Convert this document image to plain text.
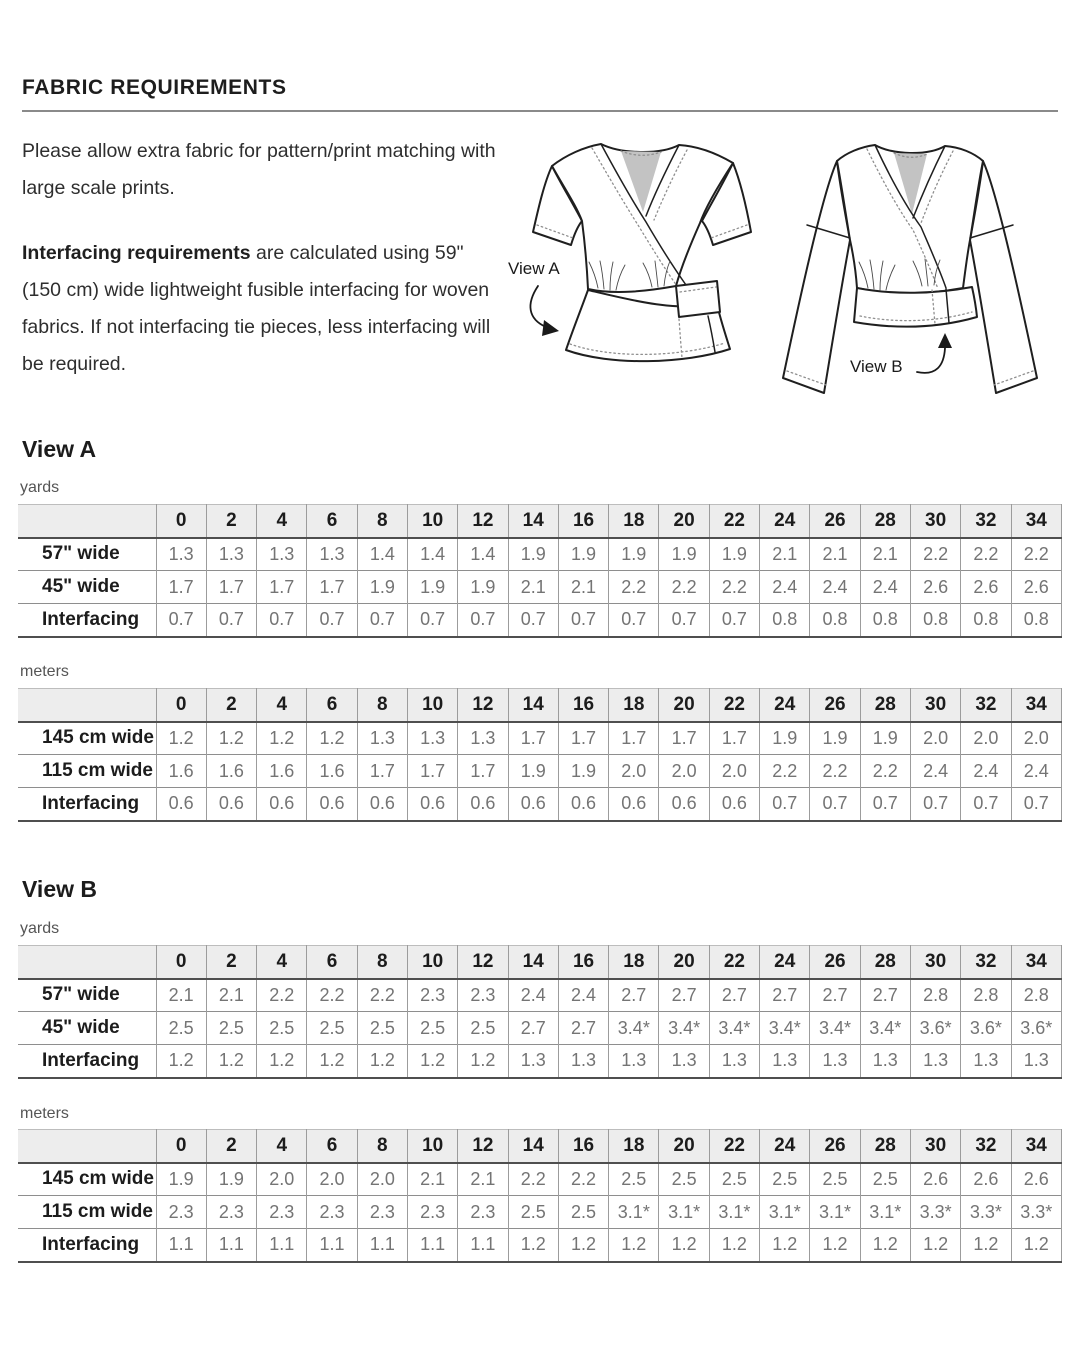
FABRIC REQUIREMENTS

Please allow extra fabric for pattern/print matching with large scale prints.

Interfacing requirements are calculated using 59" (150 cm) wide lightweight fusible interfacing for woven fabrics. If not interfacing tie pieces, less interfacing will be required.

View A
View B
View A
yards
	0	2	4	6	8	10	12	14	16	18	20	22	24	26	28	30	32	34
57" wide	1.3	1.3	1.3	1.3	1.4	1.4	1.4	1.9	1.9	1.9	1.9	1.9	2.1	2.1	2.1	2.2	2.2	2.2
45" wide	1.7	1.7	1.7	1.7	1.9	1.9	1.9	2.1	2.1	2.2	2.2	2.2	2.4	2.4	2.4	2.6	2.6	2.6
Interfacing	0.7	0.7	0.7	0.7	0.7	0.7	0.7	0.7	0.7	0.7	0.7	0.7	0.8	0.8	0.8	0.8	0.8	0.8
meters
	0	2	4	6	8	10	12	14	16	18	20	22	24	26	28	30	32	34
145 cm wide	1.2	1.2	1.2	1.2	1.3	1.3	1.3	1.7	1.7	1.7	1.7	1.7	1.9	1.9	1.9	2.0	2.0	2.0
115 cm wide	1.6	1.6	1.6	1.6	1.7	1.7	1.7	1.9	1.9	2.0	2.0	2.0	2.2	2.2	2.2	2.4	2.4	2.4
Interfacing	0.6	0.6	0.6	0.6	0.6	0.6	0.6	0.6	0.6	0.6	0.6	0.6	0.7	0.7	0.7	0.7	0.7	0.7
View B
yards
	0	2	4	6	8	10	12	14	16	18	20	22	24	26	28	30	32	34
57" wide	2.1	2.1	2.2	2.2	2.2	2.3	2.3	2.4	2.4	2.7	2.7	2.7	2.7	2.7	2.7	2.8	2.8	2.8
45" wide	2.5	2.5	2.5	2.5	2.5	2.5	2.5	2.7	2.7	3.4*	3.4*	3.4*	3.4*	3.4*	3.4*	3.6*	3.6*	3.6*
Interfacing	1.2	1.2	1.2	1.2	1.2	1.2	1.2	1.3	1.3	1.3	1.3	1.3	1.3	1.3	1.3	1.3	1.3	1.3
meters
	0	2	4	6	8	10	12	14	16	18	20	22	24	26	28	30	32	34
145 cm wide	1.9	1.9	2.0	2.0	2.0	2.1	2.1	2.2	2.2	2.5	2.5	2.5	2.5	2.5	2.5	2.6	2.6	2.6
115 cm wide	2.3	2.3	2.3	2.3	2.3	2.3	2.3	2.5	2.5	3.1*	3.1*	3.1*	3.1*	3.1*	3.1*	3.3*	3.3*	3.3*
Interfacing	1.1	1.1	1.1	1.1	1.1	1.1	1.1	1.2	1.2	1.2	1.2	1.2	1.2	1.2	1.2	1.2	1.2	1.2
